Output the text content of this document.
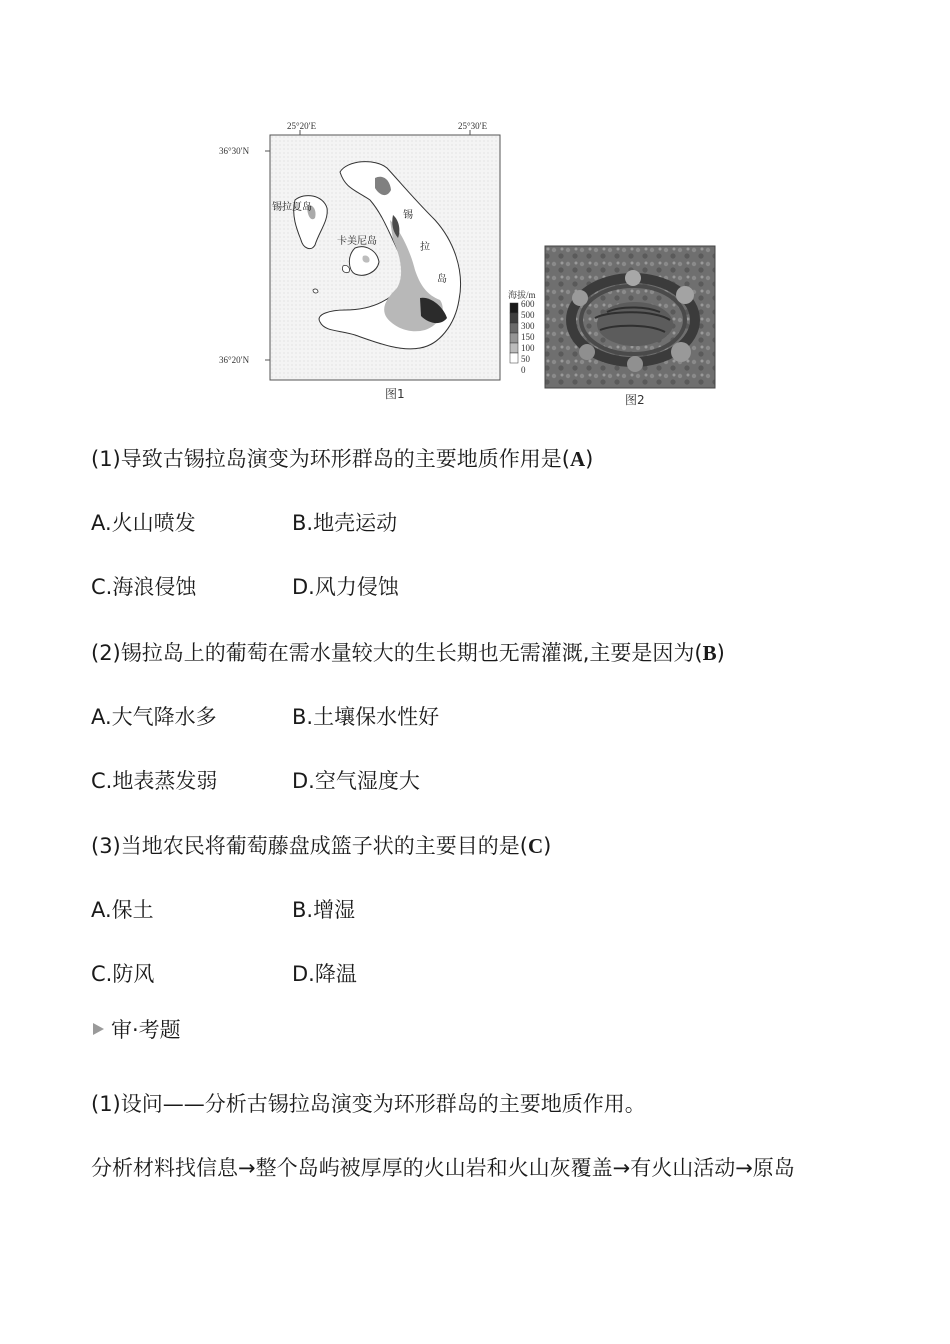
25°20′E	25°30′E
36°30′N
36°20′N
锡拉夏岛
卡美尼岛
锡
拉
岛
海拔/m
600
500
300
150
100
50
0
图1	图2
(1)导致古锡拉岛演变为环形群岛的主要地质作用是(A)
A.火山喷发	B.地壳运动
C.海浪侵蚀	D.风力侵蚀
(2)锡拉岛上的葡萄在需水量较大的生长期也无需灌溉,主要是因为(B)
A.大气降水多	B.土壤保水性好
C.地表蒸发弱	D.空气湿度大
(3)当地农民将葡萄藤盘成篮子状的主要目的是(C)
A.保土	B.增湿
C.防风	D.降温
审·考题
(1)设问——分析古锡拉岛演变为环形群岛的主要地质作用。
分析材料找信息→整个岛屿被厚厚的火山岩和火山灰覆盖→有火山活动→原岛
